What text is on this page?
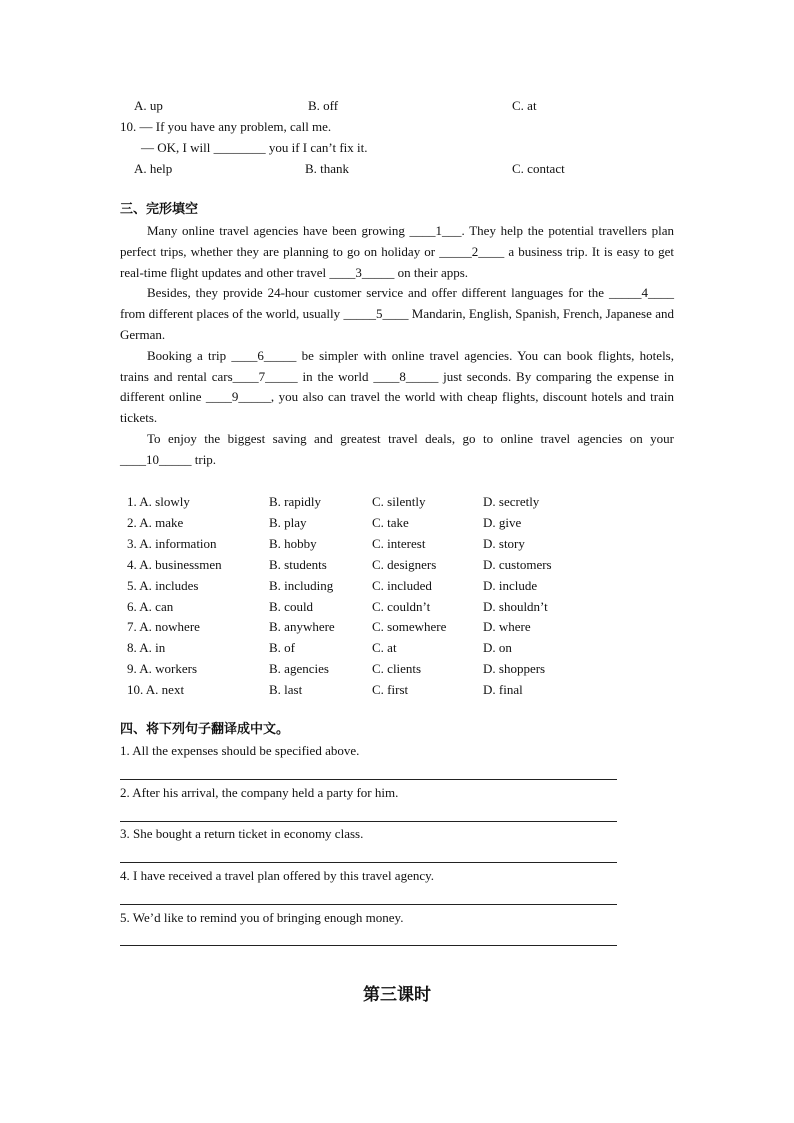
A. up	B. off	C. at
10. — If you have any problem, call me.
— OK, I will ________ you if I can’t fix it.
A. help	B. thank	C. contact
三、完形填空

Many online travel agencies have been growing ____1___. They help the potential travellers plan perfect trips, whether they are planning to go on holiday or _____2____ a business trip. It is easy to get real-time flight updates and other travel ____3_____ on their apps.

Besides, they provide 24-hour customer service and offer different languages for the _____4____ from different places of the world, usually _____5____ Mandarin, English, Spanish, French, Japanese and German.

Booking a trip ____6_____ be simpler with online travel agencies. You can book flights, hotels, trains and rental cars____7_____ in the world ____8_____ just seconds. By comparing the expense in different online ____9_____, you also can travel the world with cheap flights, discount hotels and train tickets.

To enjoy the biggest saving and greatest travel deals, go to online travel agencies on your ____10_____ trip.

1. A. slowly	B. rapidly	C. silently	D. secretly
2. A. make	B. play	C. take	D. give
3. A. information	B. hobby	C. interest	D. story
4. A. businessmen	B. students	C. designers	D. customers
5. A. includes	B. including	C. included	D. include
6. A. can	B. could	C. couldn’t	D. shouldn’t
7. A. nowhere	B. anywhere	C. somewhere	D. where
8. A. in	B. of	C. at	D. on
9. A. workers	B. agencies	C. clients	D. shoppers
10. A. next	B. last	C. first	D. final
四、将下列句子翻译成中文。
1. All the expenses should be specified above.
2. After his arrival, the company held a party for him.
3. She bought a return ticket in economy class.
4. I have received a travel plan offered by this travel agency.
5. We’d like to remind you of bringing enough money.
第三课时
